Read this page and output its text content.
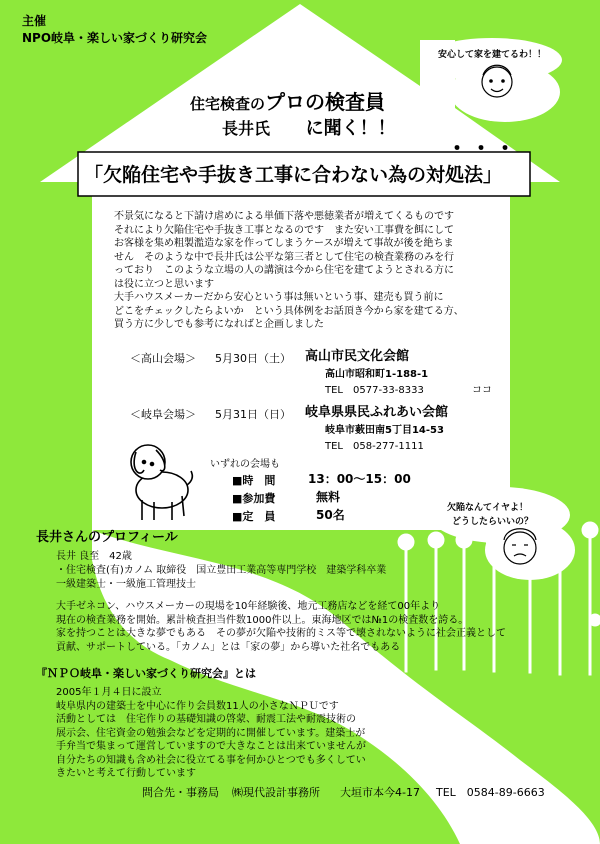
主催
NPO岐阜・楽しい家づくり研究会
安心して家を建てるわ！！
住宅検査のプロの検査員
長井氏 に聞く！！
・・・
「欠陥住宅や手抜き工事に合わない為の対処法」
不景気になると下請け虐めによる単価下落や悪徳業者が増えてくるものです
それにより欠陥住宅や手抜き工事となるのです　また安い工事費を餌にして
お客様を集め粗製濫造な家を作ってしまうケースが増えて事故が後を絶ちま
せん　そのような中で長井氏は公平な第三者として住宅の検査業務のみを行
っており　このような立場の人の講演は今から住宅を建てようとされる方に
は役に立つと思います
大手ハウスメーカーだから安心という事は無いという事、建売も買う前に
どこをチェックしたらよいか　という具体例をお話頂き今から家を建てる方、
買う方に少しでも参考になればと企画しました
＜高山会場＞ 5月30日（土） 高山市民文化会館
高山市昭和町1-188-1
TEL　0577-33-8333	ココ
＜岐阜会場＞ 5月31日（日） 岐阜県県民ふれあい会館
岐阜市薮田南5丁目14-53
TEL　058-277-1111
いずれの会場も
■時　間	13：00～15：00
■参加費	無料
■定　員	50名	欠陥なんてイヤよ！
どうしたらいいの？
長井さんのプロフィール
長井 良至　42歳
・住宅検査(有)カノム 取締役　国立豊田工業高等専門学校　建築学科卒業
一級建築士・一級施工管理技士
大手ゼネコン、ハウスメーカーの現場を10年経験後、地元工務店などを経て00年より
現在の検査業務を開始。累計検査担当件数1000件以上。東海地区では№1の検査数を誇る。
家を持つことは大きな夢でもある　その夢が欠陥や技術的ミス等で壊されないように社会正義として
貢献、サポートしている。「カノム」とは「家の夢」から導いた社名でもある
『ＮＰＯ岐阜・楽しい家づくり研究会』とは
2005年１月４日に設立
岐阜県内の建築士を中心に作り会員数11人の小さなＮＰＵです
活動としては　住宅作りの基礎知識の啓蒙、耐震工法や耐震技術の
展示会、住宅資金の勉強会などを定期的に開催しています。建築士が
手弁当で集まって運営していますので大きなことは出来ていませんが
自分たちの知識も含め社会に役立てる事を何かひとつでも多くしてい
きたいと考えて行動しています
問合先・事務局 ㈱現代設計事務所 大垣市本今4-17 TEL　0584-89-6663
